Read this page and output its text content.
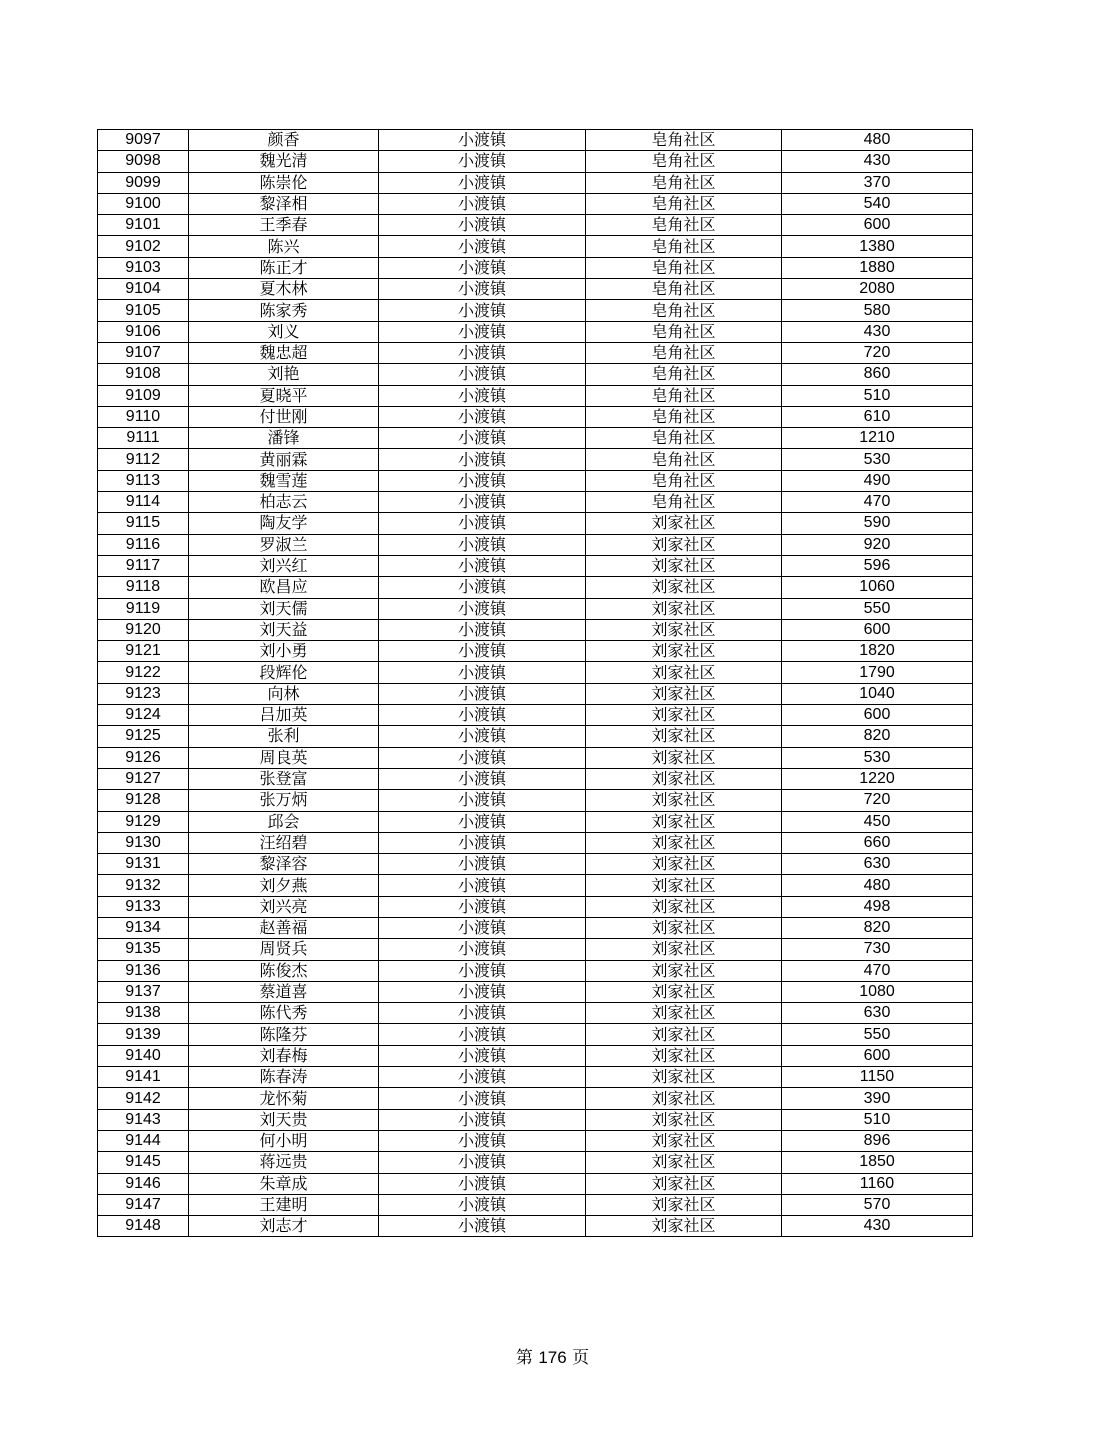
9097	颜香	小渡镇	皂角社区	480
9098	魏光清	小渡镇	皂角社区	430
9099	陈崇伦	小渡镇	皂角社区	370
9100	黎泽相	小渡镇	皂角社区	540
9101	王季春	小渡镇	皂角社区	600
9102	陈兴	小渡镇	皂角社区	1380
9103	陈正才	小渡镇	皂角社区	1880
9104	夏木林	小渡镇	皂角社区	2080
9105	陈家秀	小渡镇	皂角社区	580
9106	刘义	小渡镇	皂角社区	430
9107	魏忠超	小渡镇	皂角社区	720
9108	刘艳	小渡镇	皂角社区	860
9109	夏晓平	小渡镇	皂角社区	510
9110	付世刚	小渡镇	皂角社区	610
9111	潘锋	小渡镇	皂角社区	1210
9112	黄丽霖	小渡镇	皂角社区	530
9113	魏雪莲	小渡镇	皂角社区	490
9114	柏志云	小渡镇	皂角社区	470
9115	陶友学	小渡镇	刘家社区	590
9116	罗淑兰	小渡镇	刘家社区	920
9117	刘兴红	小渡镇	刘家社区	596
9118	欧昌应	小渡镇	刘家社区	1060
9119	刘天儒	小渡镇	刘家社区	550
9120	刘天益	小渡镇	刘家社区	600
9121	刘小勇	小渡镇	刘家社区	1820
9122	段辉伦	小渡镇	刘家社区	1790
9123	向林	小渡镇	刘家社区	1040
9124	吕加英	小渡镇	刘家社区	600
9125	张利	小渡镇	刘家社区	820
9126	周良英	小渡镇	刘家社区	530
9127	张登富	小渡镇	刘家社区	1220
9128	张万炳	小渡镇	刘家社区	720
9129	邱会	小渡镇	刘家社区	450
9130	汪绍碧	小渡镇	刘家社区	660
9131	黎泽容	小渡镇	刘家社区	630
9132	刘夕燕	小渡镇	刘家社区	480
9133	刘兴亮	小渡镇	刘家社区	498
9134	赵善福	小渡镇	刘家社区	820
9135	周贤兵	小渡镇	刘家社区	730
9136	陈俊杰	小渡镇	刘家社区	470
9137	蔡道喜	小渡镇	刘家社区	1080
9138	陈代秀	小渡镇	刘家社区	630
9139	陈隆芬	小渡镇	刘家社区	550
9140	刘春梅	小渡镇	刘家社区	600
9141	陈春涛	小渡镇	刘家社区	1150
9142	龙怀菊	小渡镇	刘家社区	390
9143	刘天贵	小渡镇	刘家社区	510
9144	何小明	小渡镇	刘家社区	896
9145	蒋远贵	小渡镇	刘家社区	1850
9146	朱章成	小渡镇	刘家社区	1160
9147	王建明	小渡镇	刘家社区	570
9148	刘志才	小渡镇	刘家社区	430
第 176 页
